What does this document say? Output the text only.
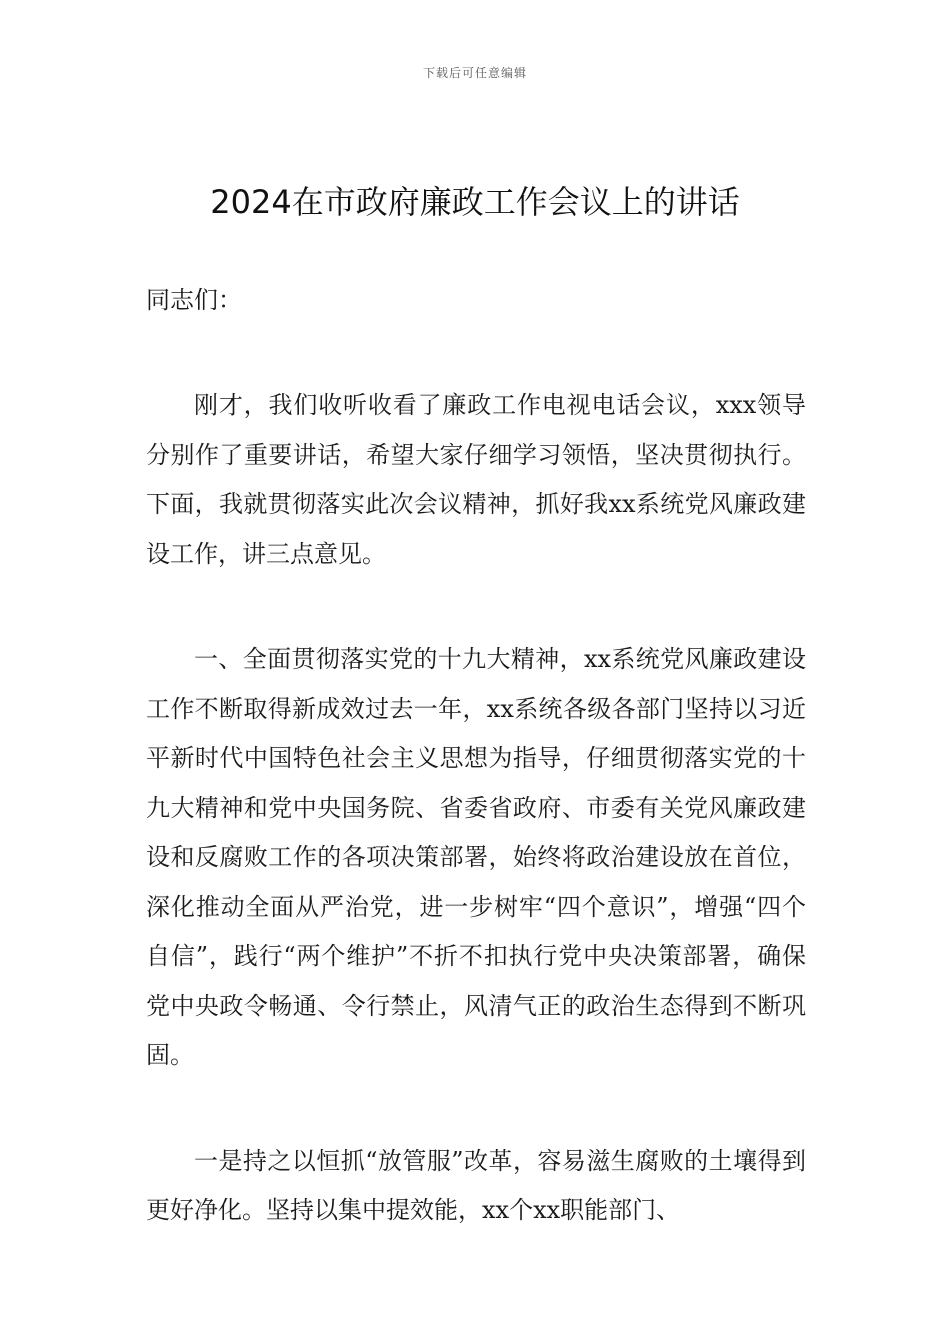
下载后可任意编辑
2024在市政府廉政工作会议上的讲话

同志们：

刚才，我们收听收看了廉政工作电视电话会议，xxx领导分别作了重要讲话，希望大家仔细学习领悟，坚决贯彻执行。下面，我就贯彻落实此次会议精神，抓好我xx系统党风廉政建设工作，讲三点意见。

一、全面贯彻落实党的十九大精神，xx系统党风廉政建设工作不断取得新成效过去一年，xx系统各级各部门坚持以习近平新时代中国特色社会主义思想为指导，仔细贯彻落实党的十九大精神和党中央国务院、省委省政府、市委有关党风廉政建设和反腐败工作的各项决策部署，始终将政治建设放在首位，深化推动全面从严治党，进一步树牢“四个意识”，增强“四个自信”，践行“两个维护”不折不扣执行党中央决策部署，确保党中央政令畅通、令行禁止，风清气正的政治生态得到不断巩固。

一是持之以恒抓“放管服”改革，容易滋生腐败的土壤得到更好净化。坚持以集中提效能，xx个xx职能部门、
